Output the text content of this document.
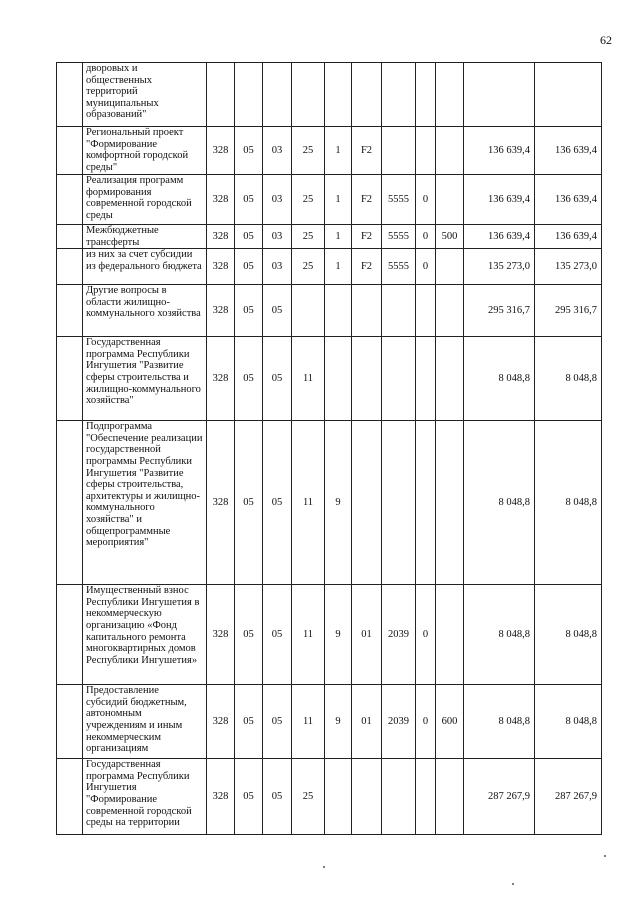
62
	дворовых и общественных территорий муниципальных образований"											
	Региональный проект "Формирование комфортной городской среды"	328	05	03	25	1	F2				136 639,4	136 639,4
	Реализация программ формирования современной городской среды	328	05	03	25	1	F2	5555	0		136 639,4	136 639,4
	Межбюджетные трансферты	328	05	03	25	1	F2	5555	0	500	136 639,4	136 639,4
	из них за счет субсидии из федерального бюджета	328	05	03	25	1	F2	5555	0		135 273,0	135 273,0
	Другие вопросы в области жилищно-коммунального хозяйства	328	05	05							295 316,7	295 316,7
	Государственная программа Республики Ингушетия "Развитие сферы строительства и жилищно-коммунального хозяйства"	328	05	05	11						8 048,8	8 048,8
	Подпрограмма "Обеспечение реализации государственной программы Республики Ингушетия "Развитие сферы строительства, архитектуры и жилищно-коммунального хозяйства" и общепрограммные мероприятия"	328	05	05	11	9					8 048,8	8 048,8
	Имущественный взнос Республики Ингушетия в некоммерческую организацию «Фонд капитального ремонта многоквартирных домов Республики Ингушетия»	328	05	05	11	9	01	2039	0		8 048,8	8 048,8
	Предоставление субсидий бюджетным, автономным учреждениям и иным некоммерческим организациям	328	05	05	11	9	01	2039	0	600	8 048,8	8 048,8
	Государственная программа Республики Ингушетия "Формирование современной городской среды на территории	328	05	05	25						287 267,9	287 267,9
